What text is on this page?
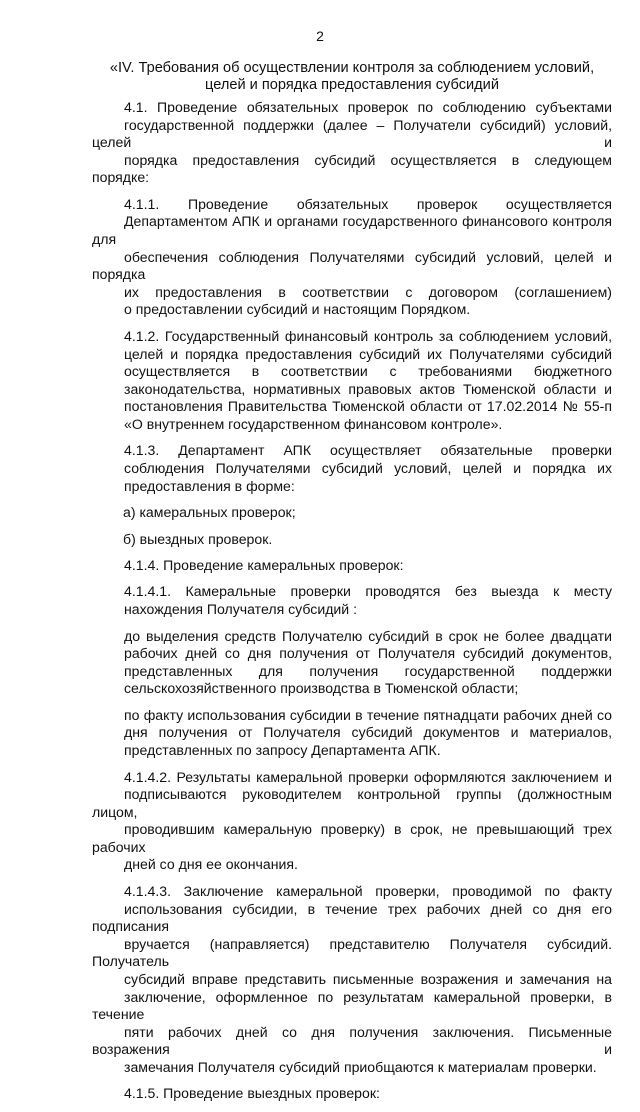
2
«IV. Требования об осуществлении контроля за соблюдением условий,
целей и порядка предоставления субсидий
4.1. Проведение обязательных проверок по соблюдению субъектами
государственной поддержки (далее – Получатели субсидий) условий, целей и
порядка предоставления субсидий осуществляется в следующем порядке:
4.1.1. Проведение обязательных проверок осуществляется
Департаментом АПК и органами государственного финансового контроля для
обеспечения соблюдения Получателями субсидий условий, целей и порядка
их предоставления в соответствии с договором (соглашением)
о предоставлении субсидий и настоящим Порядком.
4.1.2. Государственный финансовый контроль за соблюдением условий,
целей и порядка предоставления субсидий их Получателями субсидий
осуществляется в соответствии с требованиями бюджетного
законодательства, нормативных правовых актов Тюменской области и
постановления Правительства Тюменской области от 17.02.2014 № 55-п
«О внутреннем государственном финансовом контроле».
4.1.3. Департамент АПК осуществляет обязательные проверки
соблюдения Получателями субсидий условий, целей и порядка их
предоставления в форме:
а) камеральных проверок;
б) выездных проверок.
4.1.4. Проведение камеральных проверок:
4.1.4.1. Камеральные проверки проводятся без выезда к месту
нахождения Получателя субсидий :
до выделения средств Получателю субсидий в срок не более двадцати
рабочих дней со дня получения от Получателя субсидий документов,
представленных для получения государственной поддержки
сельскохозяйственного производства в Тюменской области;
по факту использования субсидии в течение пятнадцати рабочих дней со
дня получения от Получателя субсидий документов и материалов,
представленных по запросу Департамента АПК.
4.1.4.2. Результаты камеральной проверки оформляются заключением и
подписываются руководителем контрольной группы (должностным лицом,
проводившим камеральную проверку) в срок, не превышающий трех рабочих
дней со дня ее окончания.
4.1.4.3. Заключение камеральной проверки, проводимой по факту
использования субсидии, в течение трех рабочих дней со дня его подписания
вручается (направляется) представителю Получателя субсидий. Получатель
субсидий вправе представить письменные возражения и замечания на
заключение, оформленное по результатам камеральной проверки, в течение
пяти рабочих дней со дня получения заключения. Письменные возражения и
замечания Получателя субсидий приобщаются к материалам проверки.
4.1.5. Проведение выездных проверок:
